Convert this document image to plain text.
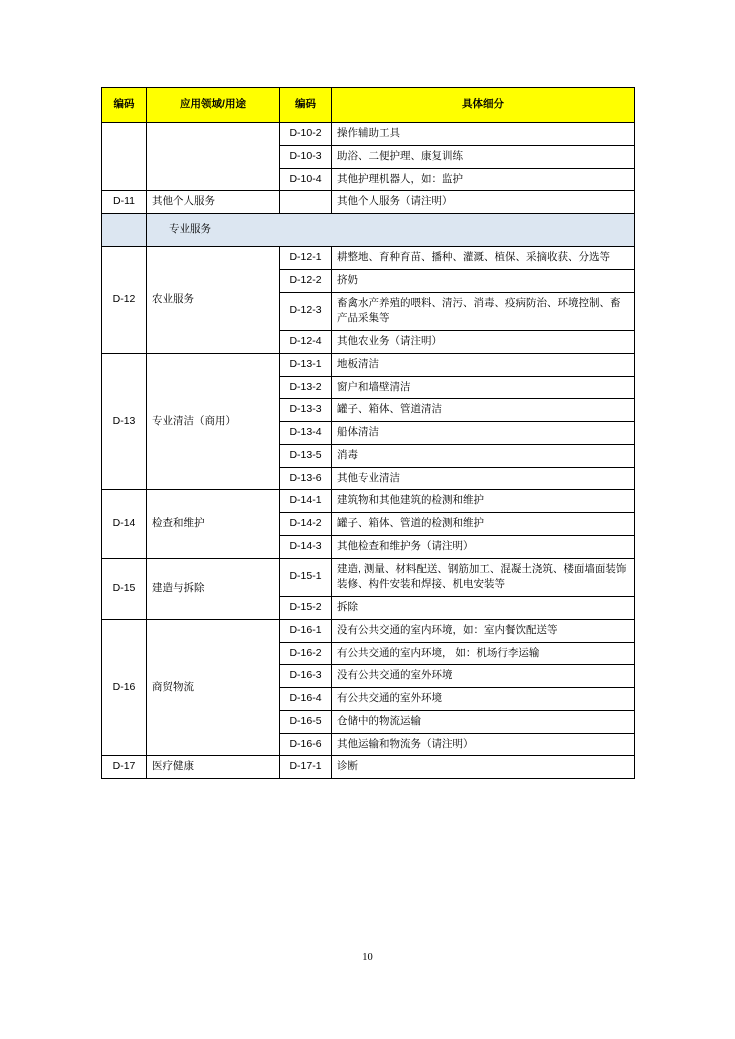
编码	应用领域/用途	编码	具体细分
		D-10-2	操作辅助工具
		D-10-3	助浴、二便护理、康复训练
		D-10-4	其他护理机器人，如：监护
D-11	其他个人服务		其他个人服务（请注明）
	专业服务		
D-12	农业服务	D-12-1	耕整地、育种育苗、播种、灌溉、植保、采摘收获、分选等
		D-12-2	挤奶
		D-12-3	畜禽水产养殖的喂料、清污、消毒、疫病防治、环境控制、畜产品采集等
		D-12-4	其他农业务（请注明）
D-13	专业清洁（商用）	D-13-1	地板清洁
		D-13-2	窗户和墙壁清洁
		D-13-3	罐子、箱体、管道清洁
		D-13-4	船体清洁
		D-13-5	消毒
		D-13-6	其他专业清洁
D-14	检查和维护	D-14-1	建筑物和其他建筑的检测和维护
		D-14-2	罐子、箱体、管道的检测和维护
		D-14-3	其他检查和维护务（请注明）
D-15	建造与拆除	D-15-1	建造, 测量、材料配送、钢筋加工、混凝土浇筑、楼面墙面装饰装修、构件安装和焊接、机电安装等
		D-15-2	拆除
D-16	商贸物流	D-16-1	没有公共交通的室内环境，如：室内餐饮配送等
		D-16-2	有公共交通的室内环境， 如：机场行李运输
		D-16-3	没有公共交通的室外环境
		D-16-4	有公共交通的室外环境
		D-16-5	仓储中的物流运输
		D-16-6	其他运输和物流务（请注明）
D-17	医疗健康	D-17-1	诊断
10
